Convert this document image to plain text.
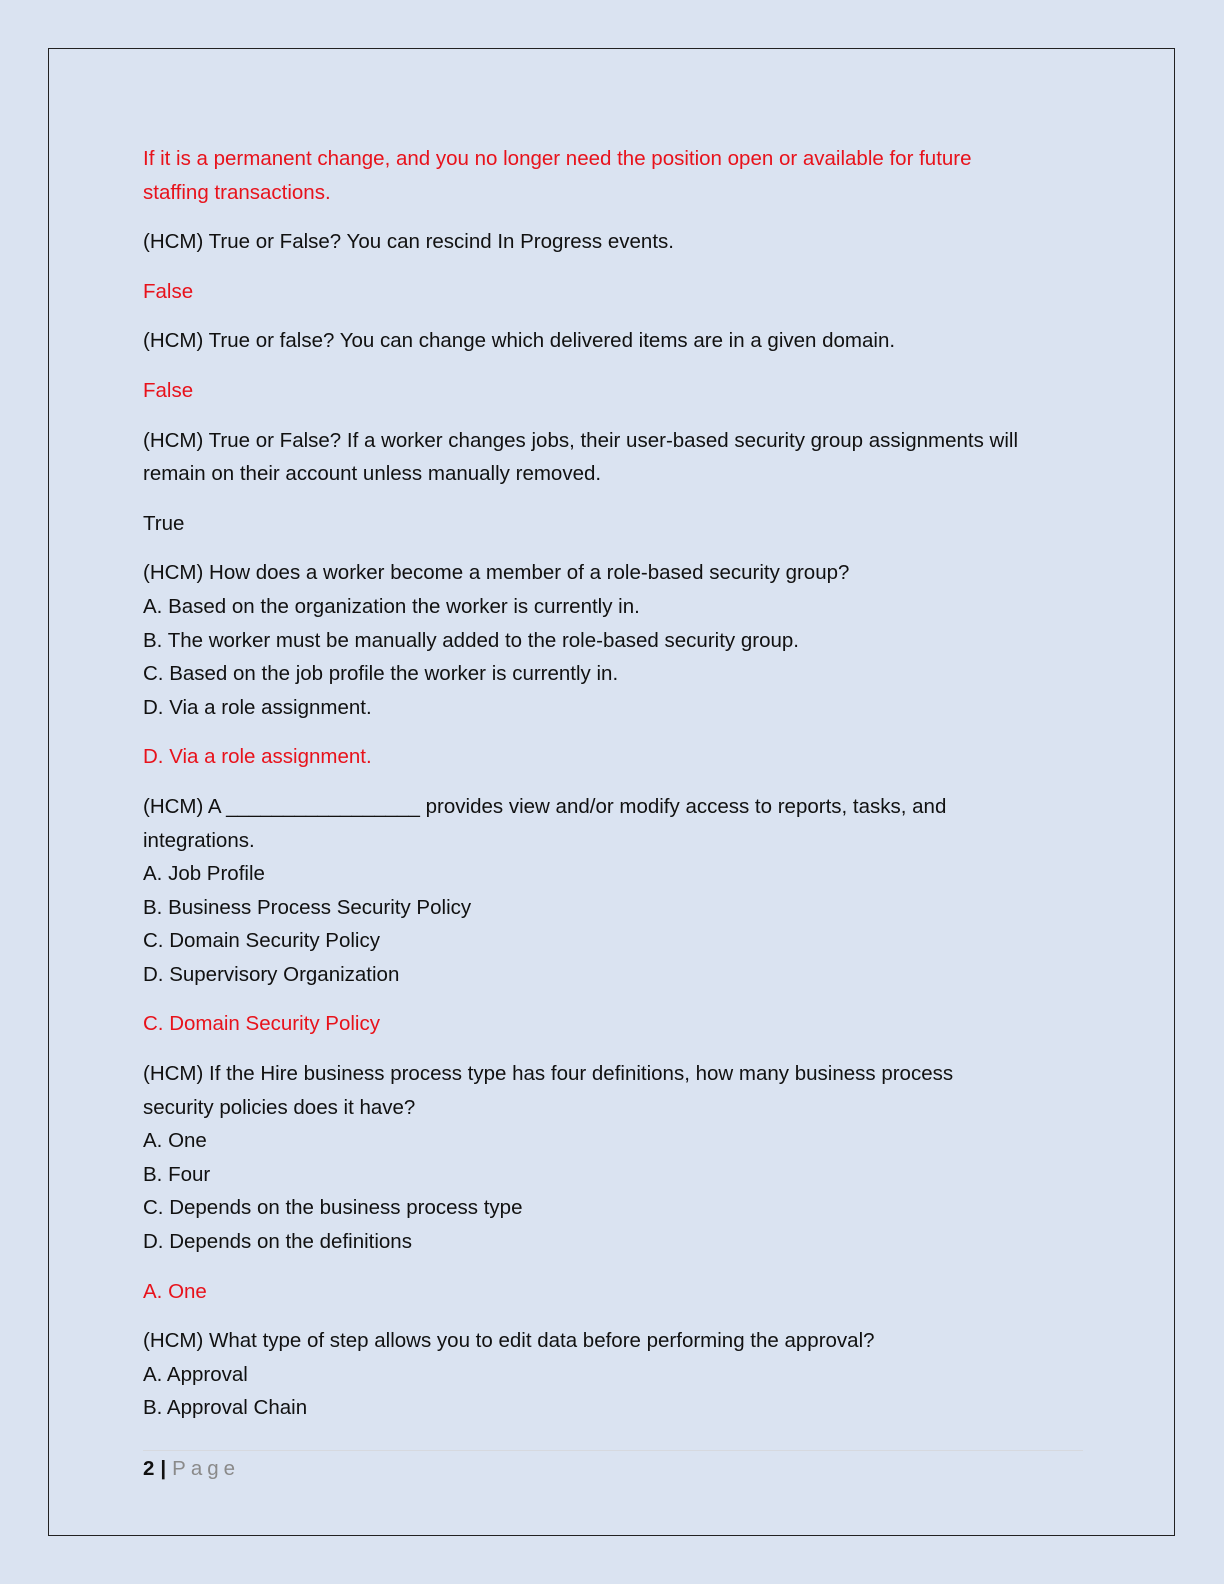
If it is a permanent change, and you no longer need the position open or available for future
staffing transactions.
(HCM) True or False? You can rescind In Progress events.
False
(HCM) True or false? You can change which delivered items are in a given domain.
False
(HCM) True or False? If a worker changes jobs, their user-based security group assignments will
remain on their account unless manually removed.
True
(HCM) How does a worker become a member of a role-based security group?
A. Based on the organization the worker is currently in.
B. The worker must be manually added to the role-based security group.
C. Based on the job profile the worker is currently in.
D. Via a role assignment.
D. Via a role assignment.
(HCM) A _________________ provides view and/or modify access to reports, tasks, and
integrations.
A. Job Profile
B. Business Process Security Policy
C. Domain Security Policy
D. Supervisory Organization
C. Domain Security Policy
(HCM) If the Hire business process type has four definitions, how many business process
security policies does it have?
A. One
B. Four
C. Depends on the business process type
D. Depends on the definitions
A. One
(HCM) What type of step allows you to edit data before performing the approval?
A. Approval
B. Approval Chain
2 | Page
